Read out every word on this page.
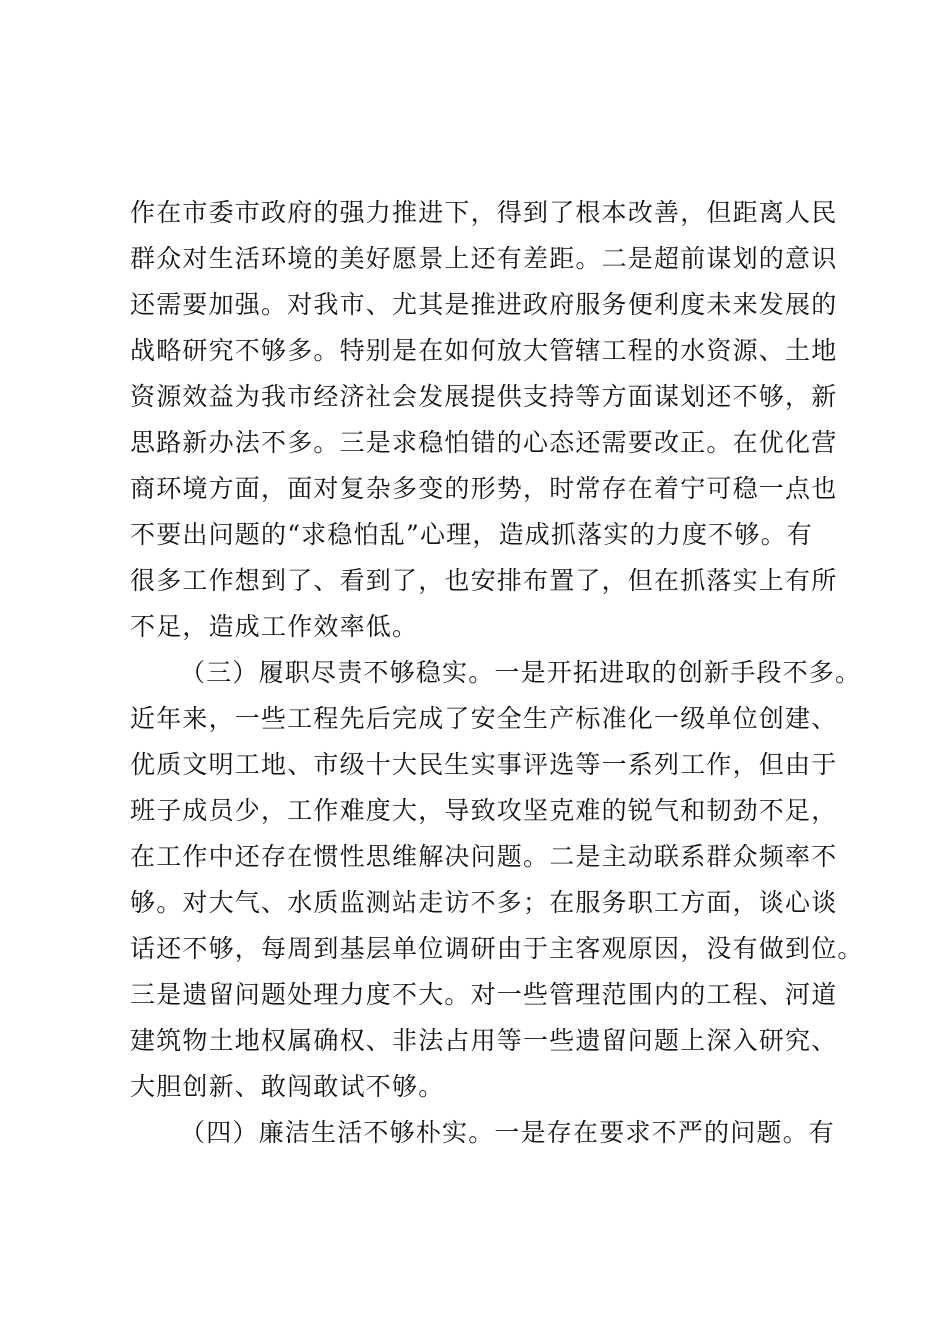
作在市委市政府的强力推进下，得到了根本改善，但距离人民
群众对生活环境的美好愿景上还有差距。二是超前谋划的意识
还需要加强。对我市、尤其是推进政府服务便利度未来发展的
战略研究不够多。特别是在如何放大管辖工程的水资源、土地
资源效益为我市经济社会发展提供支持等方面谋划还不够，新
思路新办法不多。三是求稳怕错的心态还需要改正。在优化营
商环境方面，面对复杂多变的形势，时常存在着宁可稳一点也
不要出问题的“求稳怕乱”心理，造成抓落实的力度不够。有
很多工作想到了、看到了，也安排布置了，但在抓落实上有所
不足，造成工作效率低。
（三）履职尽责不够稳实。一是开拓进取的创新手段不多。
近年来，一些工程先后完成了安全生产标准化一级单位创建、
优质文明工地、市级十大民生实事评选等一系列工作，但由于
班子成员少，工作难度大，导致攻坚克难的锐气和韧劲不足，
在工作中还存在惯性思维解决问题。二是主动联系群众频率不
够。对大气、水质监测站走访不多；在服务职工方面，谈心谈
话还不够，每周到基层单位调研由于主客观原因，没有做到位。
三是遗留问题处理力度不大。对一些管理范围内的工程、河道
建筑物土地权属确权、非法占用等一些遗留问题上深入研究、
大胆创新、敢闯敢试不够。
（四）廉洁生活不够朴实。一是存在要求不严的问题。有
